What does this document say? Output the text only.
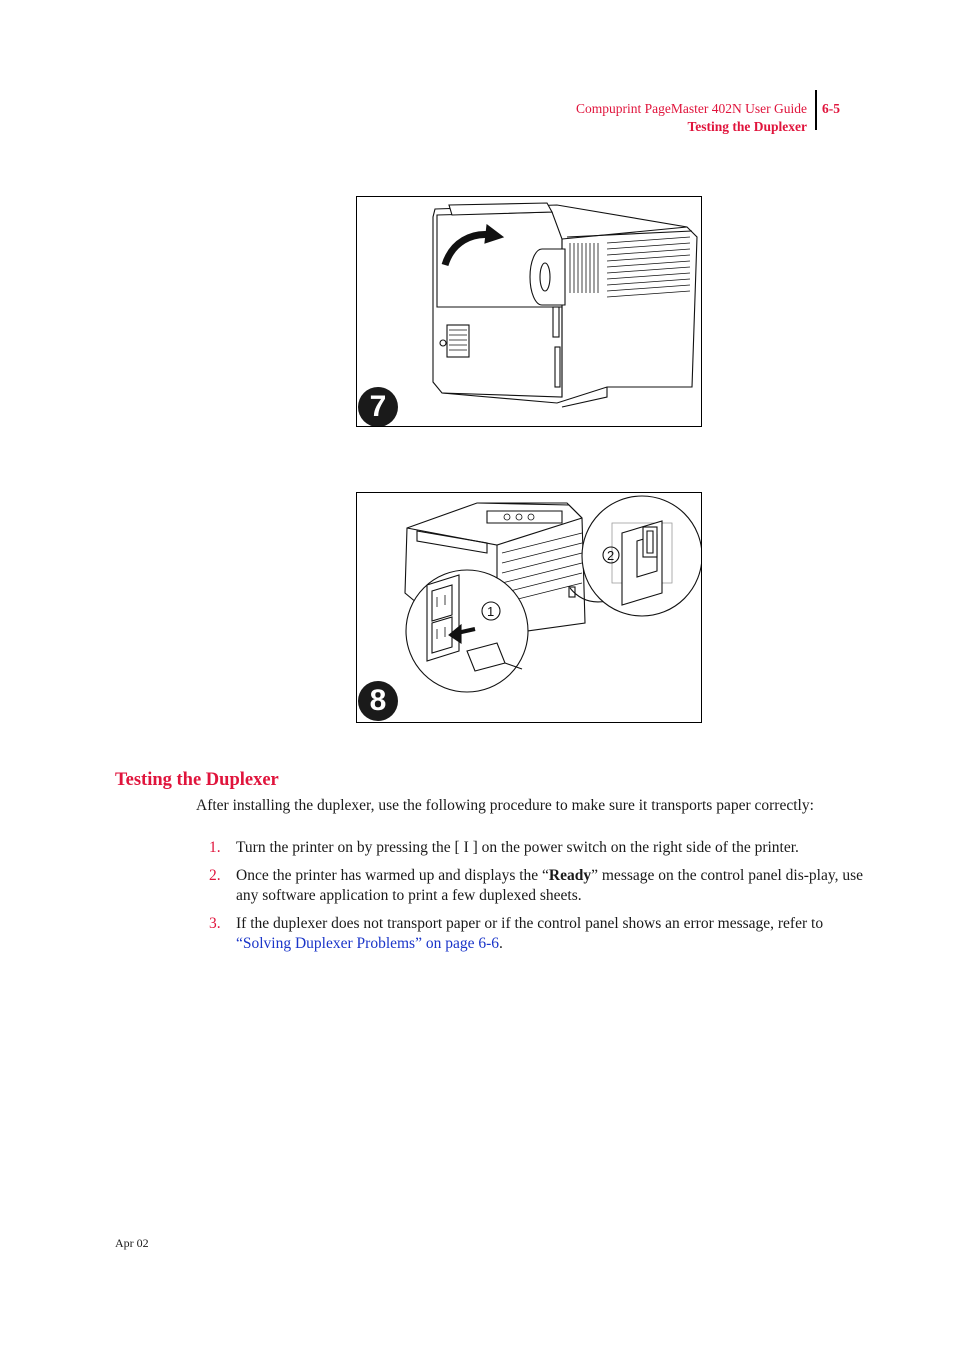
Compuprint PageMaster 402N User Guide
Testing the Duplexer
6-5
7
2
1
8
Testing the Duplexer

After installing the duplexer, use the following procedure to make sure it transports paper correctly:

1. Turn the printer on by pressing the [ I ] on the power switch on the right side of the printer.
2. Once the printer has warmed up and displays the “Ready” message on the control panel dis-play, use any software application to print a few duplexed sheets.
3. If the duplexer does not transport paper or if the control panel shows an error message, refer to “Solving Duplexer Problems” on page 6-6.
Apr 02
